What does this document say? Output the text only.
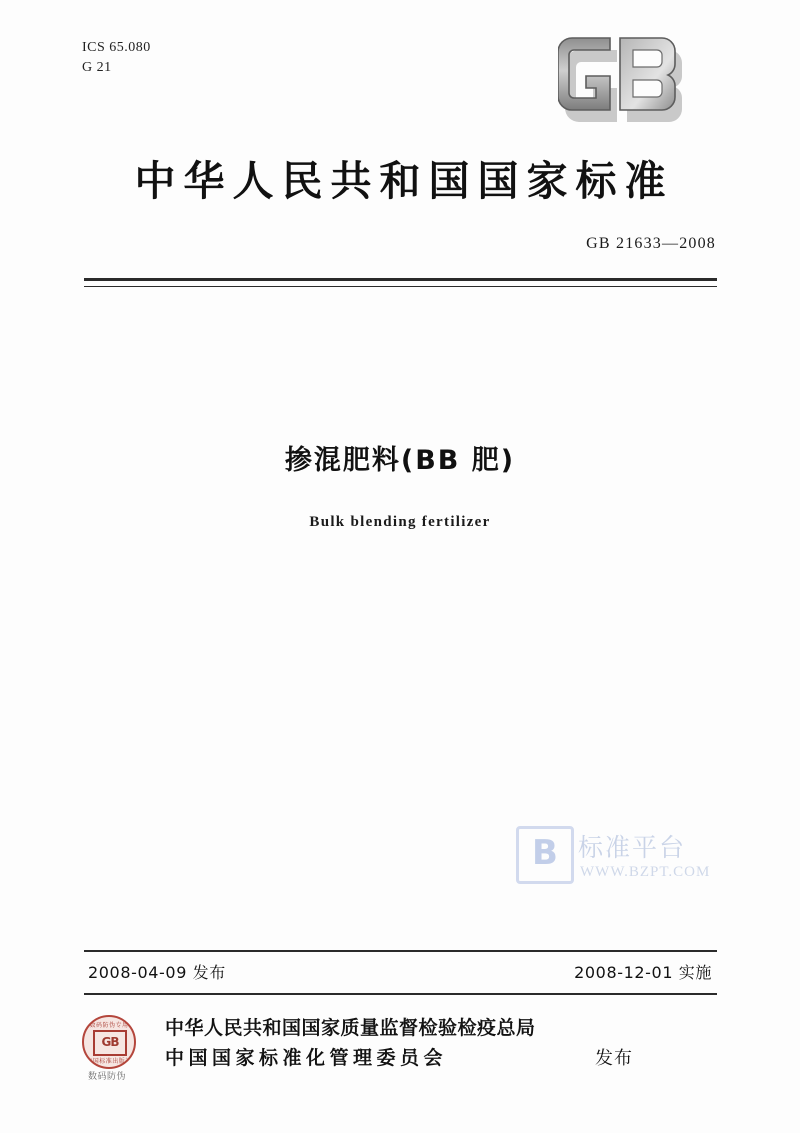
ICS 65.080
G 21
中华人民共和国国家标准
GB 21633—2008
掺混肥料(BB 肥)
Bulk blending fertilizer
B 标准平台
WWW.BZPT.COM
2008-04-09 发布	2008-12-01 实施
数码防伪专用
GB
中国标准出版社
数码防伪
中华人民共和国国家质量监督检验检疫总局
中国国家标准化管理委员会	发布
